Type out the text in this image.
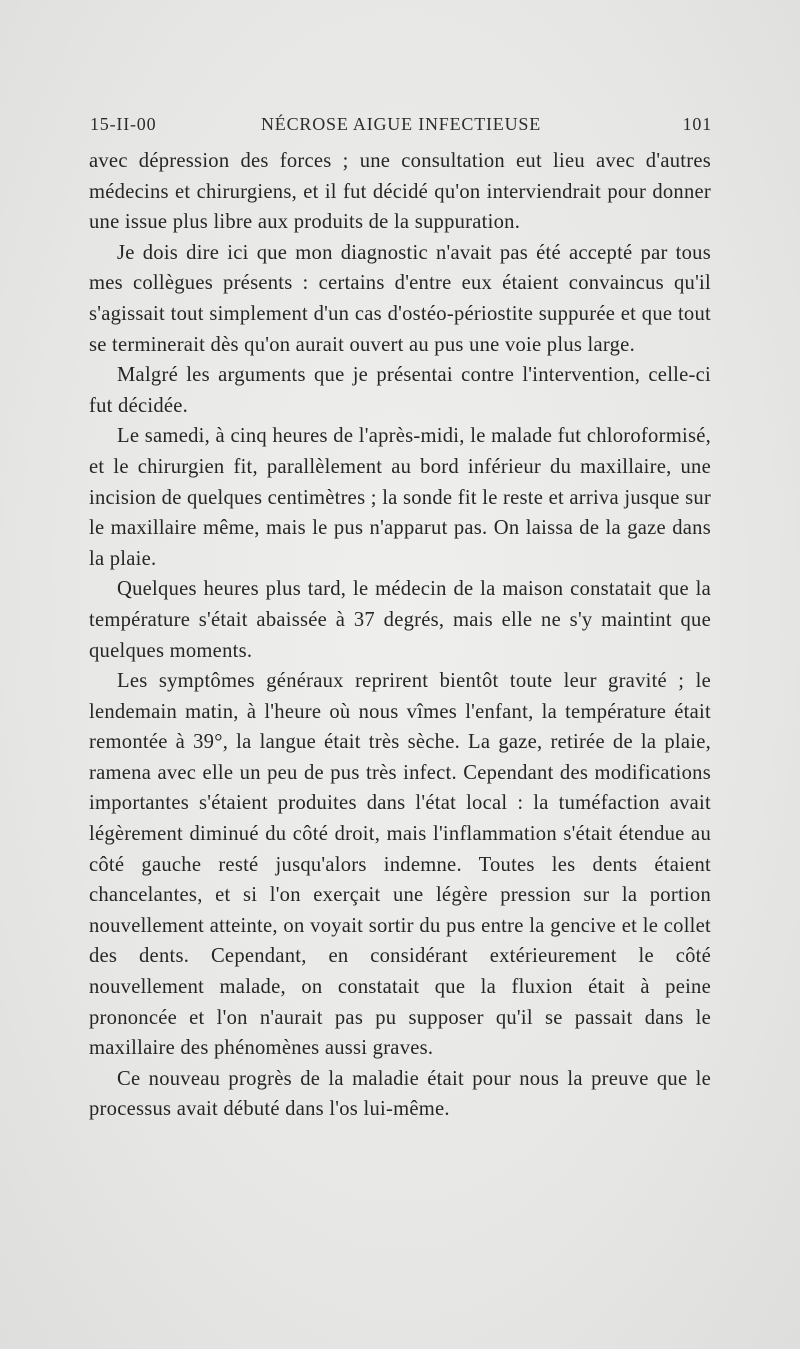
15-II-00	NÉCROSE AIGUE INFECTIEUSE	101

avec dépression des forces ; une consultation eut lieu avec d'autres médecins et chirurgiens, et il fut décidé qu'on interviendrait pour donner une issue plus libre aux produits de la suppuration.

Je dois dire ici que mon diagnostic n'avait pas été accepté par tous mes collègues présents : certains d'entre eux étaient convaincus qu'il s'agissait tout simplement d'un cas d'ostéo-périostite suppurée et que tout se terminerait dès qu'on aurait ouvert au pus une voie plus large.

Malgré les arguments que je présentai contre l'intervention, celle-ci fut décidée.

Le samedi, à cinq heures de l'après-midi, le malade fut chloroformisé, et le chirurgien fit, parallèlement au bord inférieur du maxillaire, une incision de quelques centimètres ; la sonde fit le reste et arriva jusque sur le maxillaire même, mais le pus n'apparut pas. On laissa de la gaze dans la plaie.

Quelques heures plus tard, le médecin de la maison constatait que la température s'était abaissée à 37 degrés, mais elle ne s'y maintint que quelques moments.

Les symptômes généraux reprirent bientôt toute leur gravité ; le lendemain matin, à l'heure où nous vîmes l'enfant, la température était remontée à 39°, la langue était très sèche. La gaze, retirée de la plaie, ramena avec elle un peu de pus très infect. Cependant des modifications importantes s'étaient produites dans l'état local : la tuméfaction avait légèrement diminué du côté droit, mais l'inflammation s'était étendue au côté gauche resté jusqu'alors indemne. Toutes les dents étaient chancelantes, et si l'on exerçait une légère pression sur la portion nouvellement atteinte, on voyait sortir du pus entre la gencive et le collet des dents. Cependant, en considérant extérieurement le côté nouvellement malade, on constatait que la fluxion était à peine prononcée et l'on n'aurait pas pu supposer qu'il se passait dans le maxillaire des phénomènes aussi graves.

Ce nouveau progrès de la maladie était pour nous la preuve que le processus avait débuté dans l'os lui-même.
